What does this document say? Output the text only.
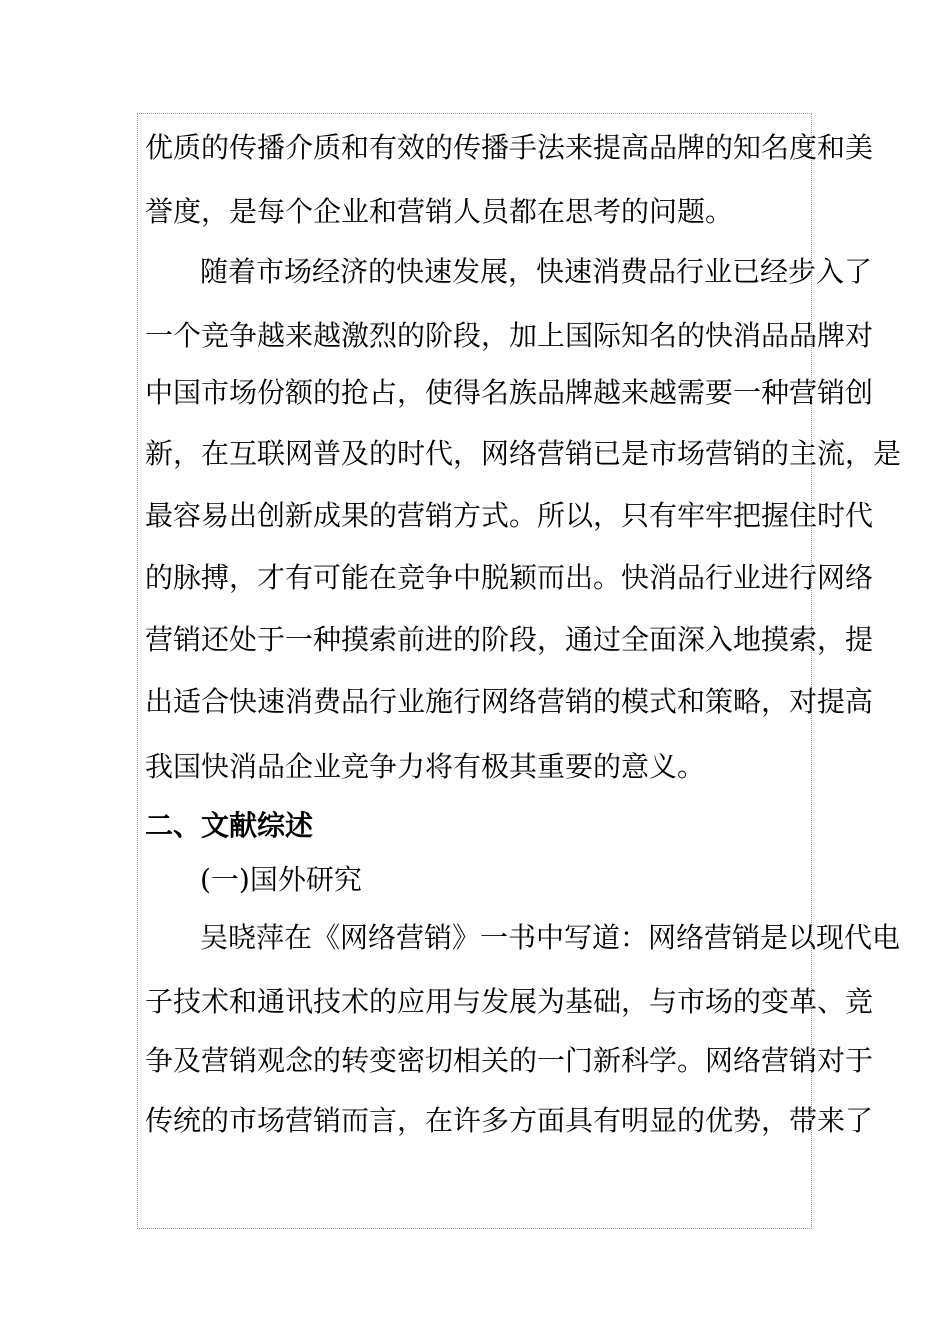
优质的传播介质和有效的传播手法来提高品牌的知名度和美
誉度，是每个企业和营销人员都在思考的问题。
随着市场经济的快速发展，快速消费品行业已经步入了
一个竞争越来越激烈的阶段，加上国际知名的快消品品牌对
中国市场份额的抢占，使得名族品牌越来越需要一种营销创
新，在互联网普及的时代，网络营销已是市场营销的主流，是
最容易出创新成果的营销方式。所以，只有牢牢把握住时代
的脉搏，才有可能在竞争中脱颖而出。快消品行业进行网络
营销还处于一种摸索前进的阶段，通过全面深入地摸索，提
出适合快速消费品行业施行网络营销的模式和策略，对提高
我国快消品企业竞争力将有极其重要的意义。
二、文献综述
(一)国外研究
吴晓萍在《网络营销》一书中写道：网络营销是以现代电
子技术和通讯技术的应用与发展为基础，与市场的变革、竞
争及营销观念的转变密切相关的一门新科学。网络营销对于
传统的市场营销而言，在许多方面具有明显的优势，带来了
